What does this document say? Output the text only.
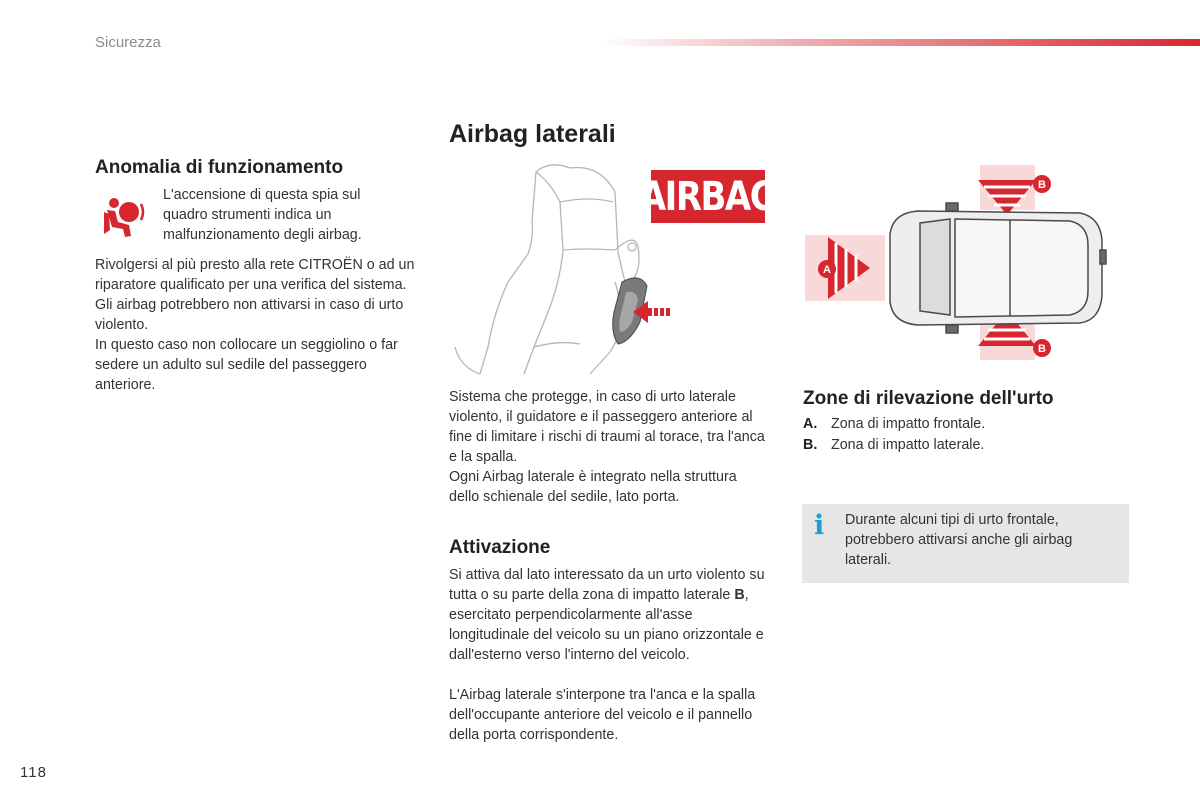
Sicurezza
Anomalia di funzionamento

L'accensione di questa spia sul quadro strumenti indica un malfunzionamento degli airbag.

Rivolgersi al più presto alla rete CITROËN o ad un riparatore qualificato per una verifica del sistema. Gli airbag potrebbero non attivarsi in caso di urto violento.

In questo caso non collocare un seggiolino o far sedere un adulto sul sedile del passeggero anteriore.

Airbag laterali
AIRBAG

Sistema che protegge, in caso di urto laterale violento, il guidatore e il passeggero anteriore al fine di limitare i rischi di traumi al torace, tra l'anca e la spalla.

Ogni Airbag laterale è integrato nella struttura dello schienale del sedile, lato porta.

Attivazione

Si attiva dal lato interessato da un urto violento su tutta o su parte della zona di impatto laterale B, esercitato perpendicolarmente all'asse longitudinale del veicolo su un piano orizzontale e dall'esterno verso l'interno del veicolo.

L'Airbag laterale s'interpone tra l'anca e la spalla dell'occupante anteriore del veicolo e il pannello della porta corrispondente.

A
B
B
Zone di rilevazione dell'urto
A. Zona di impatto frontale.
B. Zona di impatto laterale.
i Durante alcuni tipi di urto frontale, potrebbero attivarsi anche gli airbag laterali.

118
